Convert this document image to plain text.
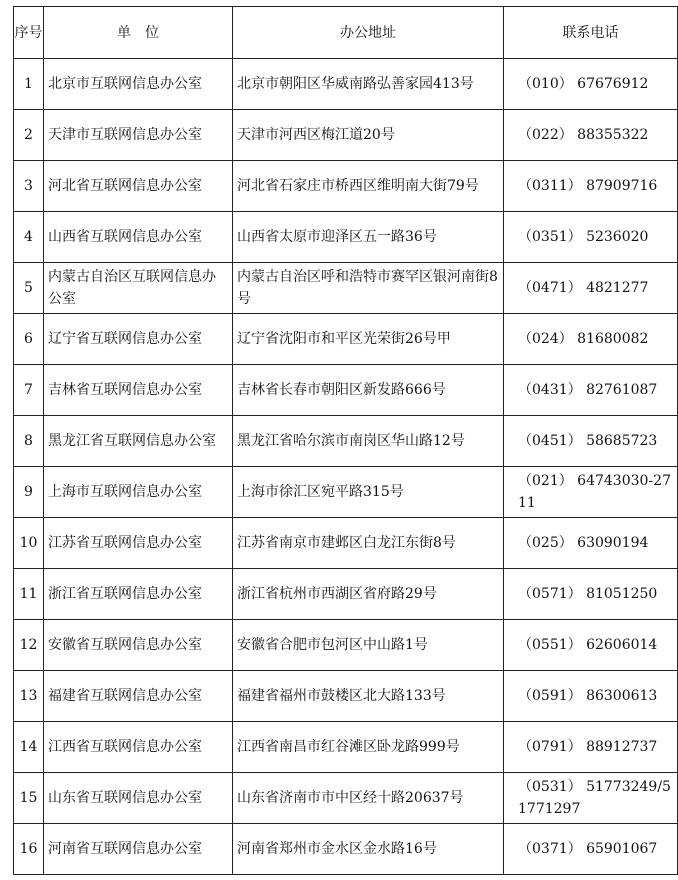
序号	单位	办公地址	联系电话
1	北京市互联网信息办公室	北京市朝阳区华威南路弘善家园413号	（010） 67676912
2	天津市互联网信息办公室	天津市河西区梅江道20号	（022） 88355322
3	河北省互联网信息办公室	河北省石家庄市桥西区维明南大街79号	（0311） 87909716
4	山西省互联网信息办公室	山西省太原市迎泽区五一路36号	（0351） 5236020
5	内蒙古自治区互联网信息办公室	内蒙古自治区呼和浩特市赛罕区银河南街8号	（0471） 4821277
6	辽宁省互联网信息办公室	辽宁省沈阳市和平区光荣街26号甲	（024） 81680082
7	吉林省互联网信息办公室	吉林省长春市朝阳区新发路666号	（0431） 82761087
8	黑龙江省互联网信息办公室	黑龙江省哈尔滨市南岗区华山路12号	（0451） 58685723
9	上海市互联网信息办公室	上海市徐汇区宛平路315号	（021） 64743030-2711
10	江苏省互联网信息办公室	江苏省南京市建邺区白龙江东街8号	（025） 63090194
11	浙江省互联网信息办公室	浙江省杭州市西湖区省府路29号	（0571） 81051250
12	安徽省互联网信息办公室	安徽省合肥市包河区中山路1号	（0551） 62606014
13	福建省互联网信息办公室	福建省福州市鼓楼区北大路133号	（0591） 86300613
14	江西省互联网信息办公室	江西省南昌市红谷滩区卧龙路999号	（0791） 88912737
15	山东省互联网信息办公室	山东省济南市市中区经十路20637号	（0531） 51773249/51771297
16	河南省互联网信息办公室	河南省郑州市金水区金水路16号	（0371） 65901067
